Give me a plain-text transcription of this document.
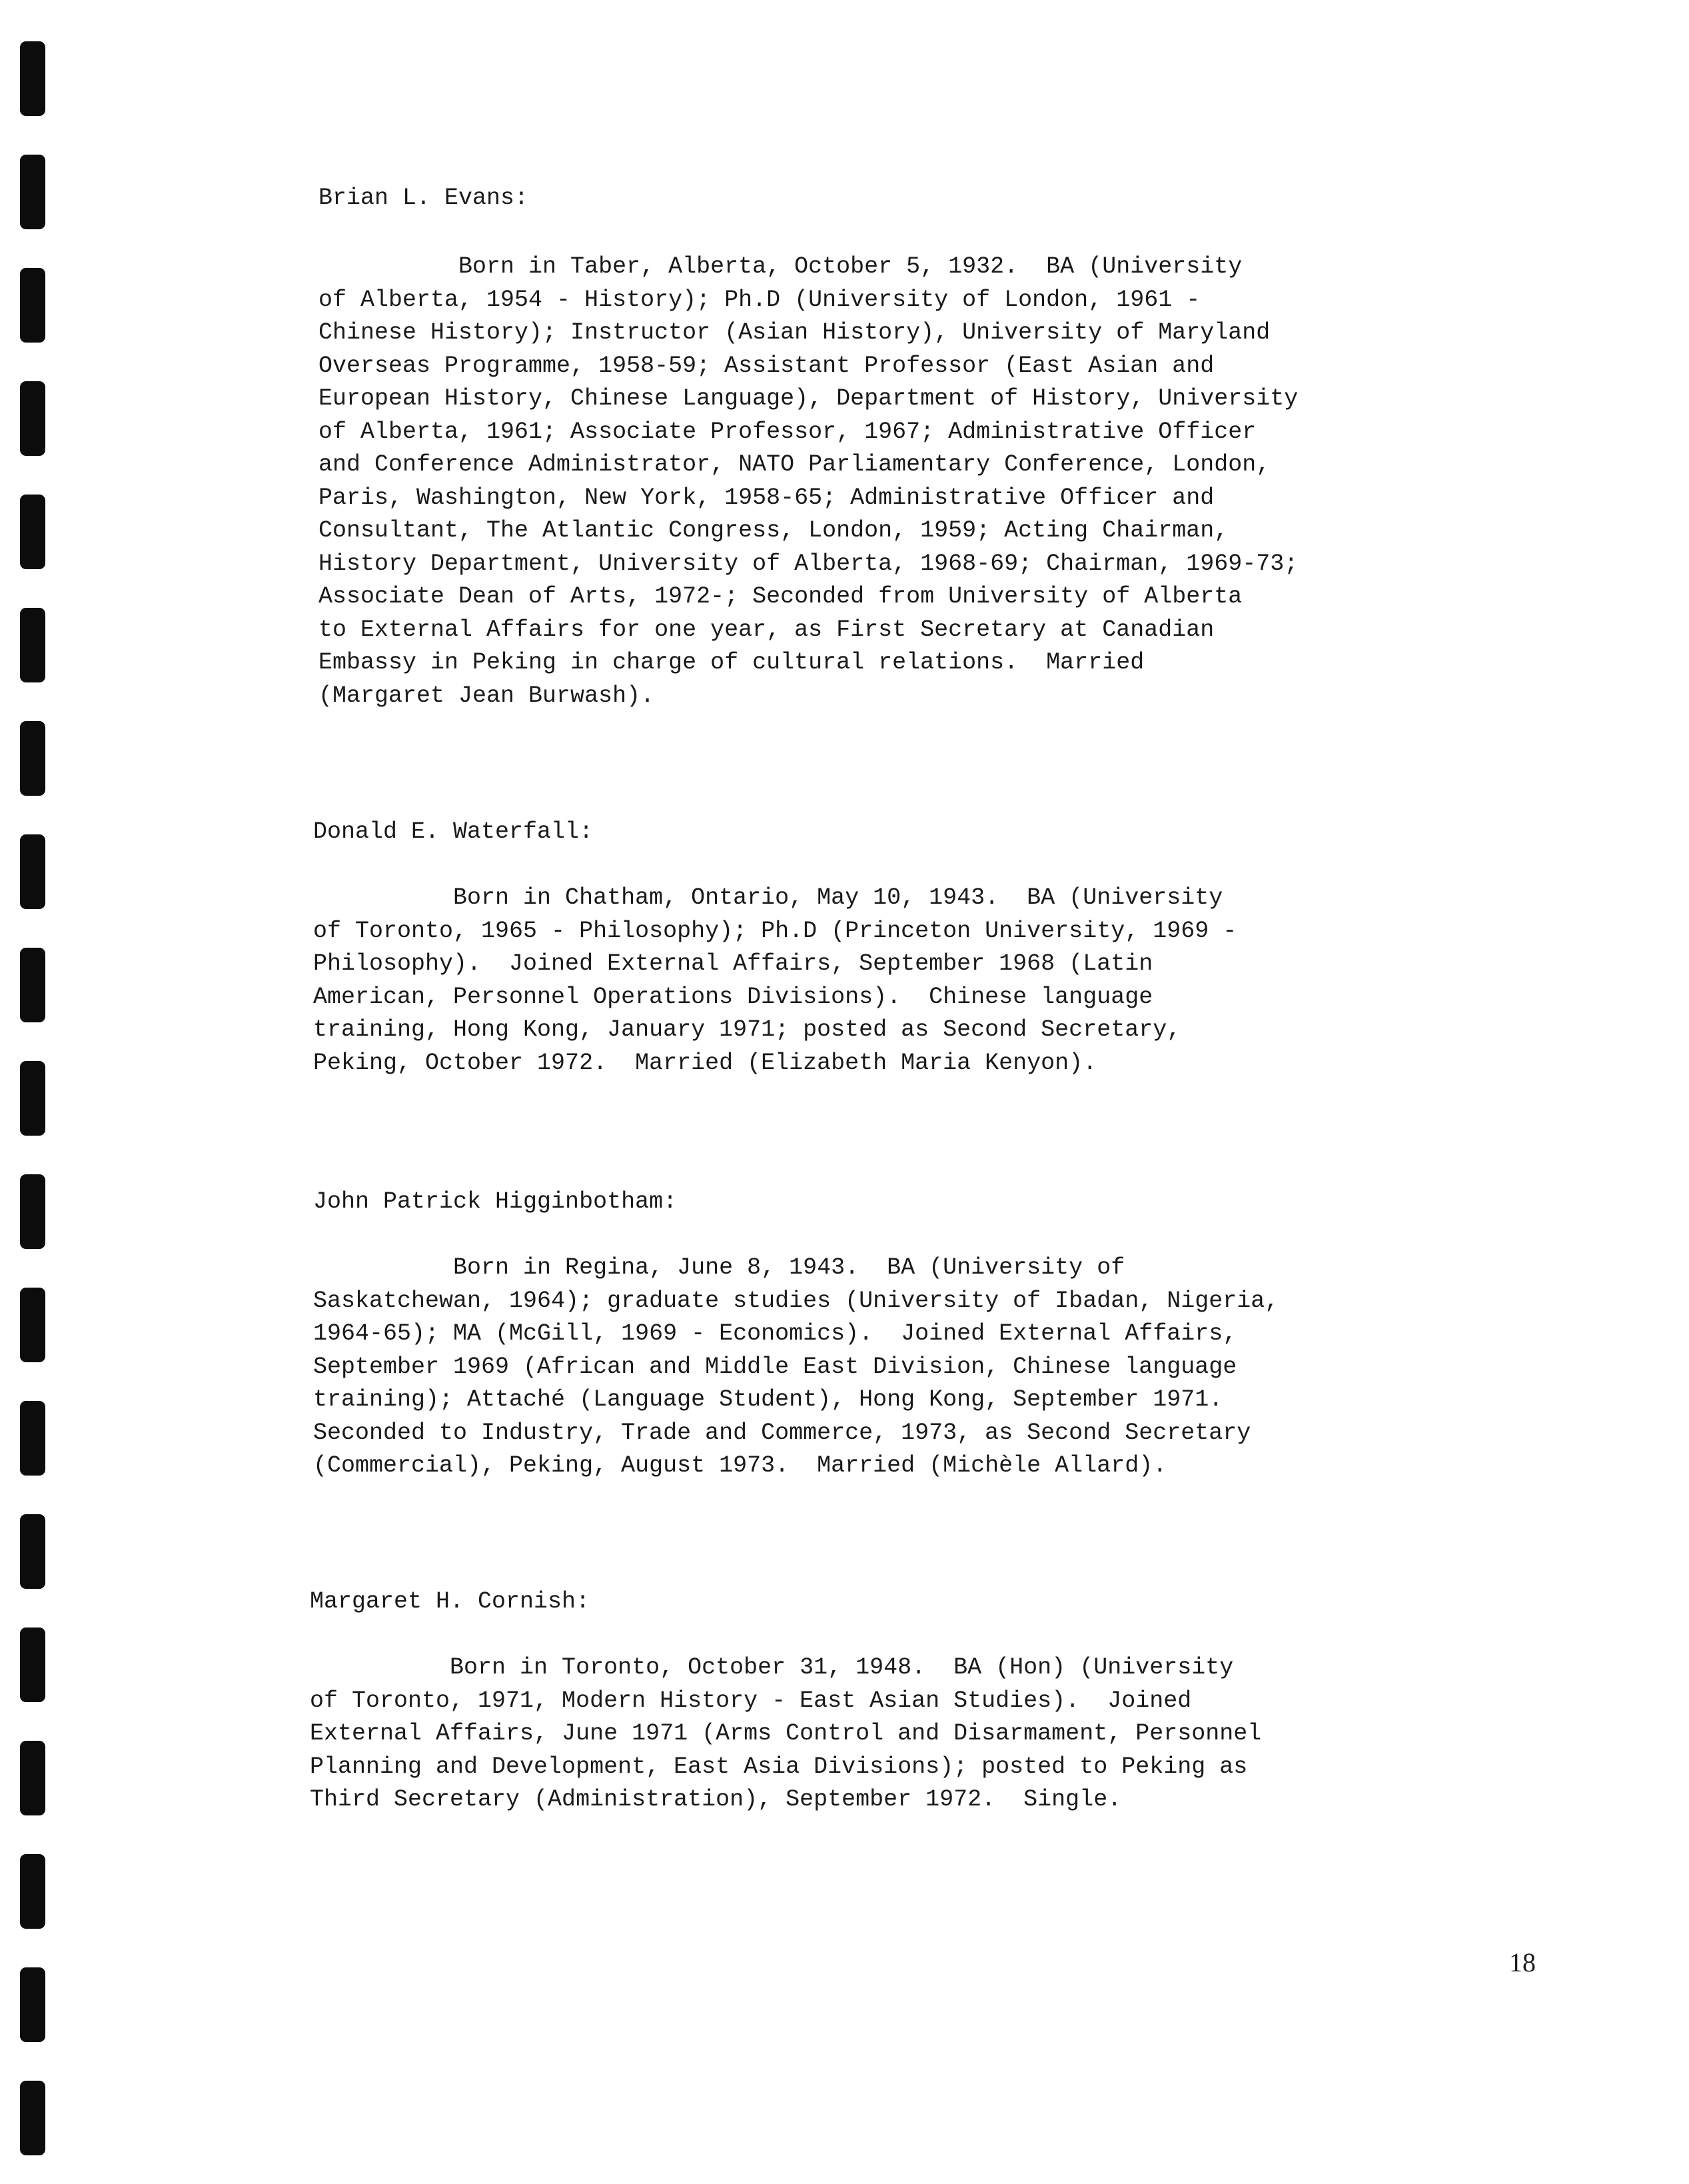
Brian L. Evans:
Born in Taber, Alberta, October 5, 1932.  BA (University
of Alberta, 1954 - History); Ph.D (University of London, 1961 -
Chinese History); Instructor (Asian History), University of Maryland
Overseas Programme, 1958-59; Assistant Professor (East Asian and
European History, Chinese Language), Department of History, University
of Alberta, 1961; Associate Professor, 1967; Administrative Officer
and Conference Administrator, NATO Parliamentary Conference, London,
Paris, Washington, New York, 1958-65; Administrative Officer and
Consultant, The Atlantic Congress, London, 1959; Acting Chairman,
History Department, University of Alberta, 1968-69; Chairman, 1969-73;
Associate Dean of Arts, 1972-; Seconded from University of Alberta
to External Affairs for one year, as First Secretary at Canadian
Embassy in Peking in charge of cultural relations.  Married
(Margaret Jean Burwash).
Donald E. Waterfall:
Born in Chatham, Ontario, May 10, 1943.  BA (University
of Toronto, 1965 - Philosophy); Ph.D (Princeton University, 1969 -
Philosophy).  Joined External Affairs, September 1968 (Latin
American, Personnel Operations Divisions).  Chinese language
training, Hong Kong, January 1971; posted as Second Secretary,
Peking, October 1972.  Married (Elizabeth Maria Kenyon).
John Patrick Higginbotham:
Born in Regina, June 8, 1943.  BA (University of
Saskatchewan, 1964); graduate studies (University of Ibadan, Nigeria,
1964-65); MA (McGill, 1969 - Economics).  Joined External Affairs,
September 1969 (African and Middle East Division, Chinese language
training); Attaché (Language Student), Hong Kong, September 1971.
Seconded to Industry, Trade and Commerce, 1973, as Second Secretary
(Commercial), Peking, August 1973.  Married (Michèle Allard).
Margaret H. Cornish:
Born in Toronto, October 31, 1948.  BA (Hon) (University
of Toronto, 1971, Modern History - East Asian Studies).  Joined
External Affairs, June 1971 (Arms Control and Disarmament, Personnel
Planning and Development, East Asia Divisions); posted to Peking as
Third Secretary (Administration), September 1972.  Single.
18
